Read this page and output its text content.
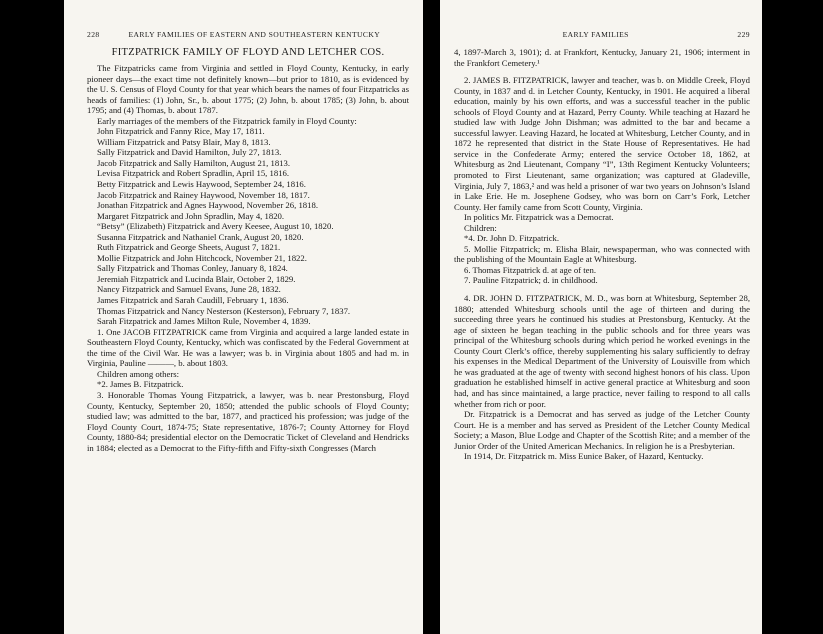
228	EARLY FAMILIES OF EASTERN AND SOUTHEASTERN KENTUCKY
FITZPATRICK FAMILY OF FLOYD AND LETCHER COS.

The Fitzpatricks came from Virginia and settled in Floyd County, Kentucky, in early pioneer days—the exact time not definitely known—but prior to 1810, as is evidenced by the U. S. Census of Floyd County for that year which bears the names of four Fitzpatricks as heads of families: (1) John, Sr., b. about 1775; (2) John, b. about 1785; (3) John, b. about 1795; and (4) Thomas, b. about 1787.

Early marriages of the members of the Fitzpatrick family in Floyd County:

John Fitzpatrick and Fanny Rice, May 17, 1811.

William Fitzpatrick and Patsy Blair, May 8, 1813.

Sally Fitzpatrick and David Hamilton, July 27, 1813.

Jacob Fitzpatrick and Sally Hamilton, August 21, 1813.

Levisa Fitzpatrick and Robert Spradlin, April 15, 1816.

Betty Fitzpatrick and Lewis Haywood, September 24, 1816.

Jacob Fitzpatrick and Rainey Haywood, November 18, 1817.

Jonathan Fitzpatrick and Agnes Haywood, November 26, 1818.

Margaret Fitzpatrick and John Spradlin, May 4, 1820.

“Betsy” (Elizabeth) Fitzpatrick and Avery Keesee, August 10, 1820.

Susanna Fitzpatrick and Nathaniel Crank, August 20, 1820.

Ruth Fitzpatrick and George Sheets, August 7, 1821.

Mollie Fitzpatrick and John Hitchcock, November 21, 1822.

Sally Fitzpatrick and Thomas Conley, January 8, 1824.

Jeremiah Fitzpatrick and Lucinda Blair, October 2, 1829.

Nancy Fitzpatrick and Samuel Evans, June 28, 1832.

James Fitzpatrick and Sarah Caudill, February 1, 1836.

Thomas Fitzpatrick and Nancy Nesterson (Kesterson), February 7, 1837.

Sarah Fitzpatrick and James Milton Rule, November 4, 1839.

1. One JACOB FITZPATRICK came from Virginia and acquired a large landed estate in Southeastern Floyd County, Kentucky, which was confiscated by the Federal Government at the time of the Civil War. He was a lawyer; was b. in Virginia about 1805 and had m. in Virginia, Pauline ———, b. about 1803.

Children among others:

*2. James B. Fitzpatrick.

3. Honorable Thomas Young Fitzpatrick, a lawyer, was b. near Prestonsburg, Floyd County, Kentucky, September 20, 1850; attended the public schools of Floyd County; studied law; was admitted to the bar, 1877, and practiced his profession; was judge of the Floyd County Court, 1874-75; State representative, 1876-7; County Attorney for Floyd County, 1880-84; presidential elector on the Democratic Ticket of Cleveland and Hendricks in 1884; elected as a Democrat to the Fifty-fifth and Fifty-sixth Congresses (March

EARLY FAMILIES	229

4, 1897-March 3, 1901); d. at Frankfort, Kentucky, January 21, 1906; interment in the Frankfort Cemetery.¹

2. JAMES B. FITZPATRICK, lawyer and teacher, was b. on Middle Creek, Floyd County, in 1837 and d. in Letcher County, Kentucky, in 1901. He acquired a liberal education, mainly by his own efforts, and was a successful teacher in the public schools of Floyd County and at Hazard, Perry County. While teaching at Hazard he studied law with Judge John Dishman; was admitted to the bar and became a successful lawyer. Leaving Hazard, he located at Whitesburg, Letcher County, and in 1872 he represented that district in the State House of Representatives. He had service in the Confederate Army; entered the service October 18, 1862, at Whitesburg as 2nd Lieutenant, Company “I”, 13th Regiment Kentucky Volunteers; promoted to First Lieutenant, same organization; was captured at Gladeville, Virginia, July 7, 1863,² and was held a prisoner of war two years on Johnson’s Island in Lake Erie. He m. Josephene Godsey, who was born on Carr’s Fork, Letcher County. Her family came from Scott County, Virginia.

In politics Mr. Fitzpatrick was a Democrat.

Children:

*4. Dr. John D. Fitzpatrick.

5. Mollie Fitzpatrick; m. Elisha Blair, newspaperman, who was connected with the publishing of the Mountain Eagle at Whitesburg.

6. Thomas Fitzpatrick d. at age of ten.

7. Pauline Fitzpatrick; d. in childhood.

4. DR. JOHN D. FITZPATRICK, M. D., was born at Whitesburg, September 28, 1880; attended Whitesburg schools until the age of thirteen and during the succeeding three years he continued his studies at Prestonsburg, Kentucky. At the age of sixteen he began teaching in the public schools and for three years was principal of the Whitesburg schools during which period he worked evenings in the County Court Clerk’s office, thereby supplementing his salary sufficiently to defray his expenses in the Medical Department of the University of Louisville from which he was graduated at the age of twenty with second highest honors of his class. Upon graduation he established himself in active general practice at Whitesburg and soon had, and has since maintained, a large practice, never failing to respond to all calls whether from rich or poor.

Dr. Fitzpatrick is a Democrat and has served as judge of the Letcher County Court. He is a member and has served as President of the Letcher County Medical Society; a Mason, Blue Lodge and Chapter of the Scottish Rite; and a member of the Junior Order of the United American Mechanics. In religion he is a Presbyterian.

In 1914, Dr. Fitzpatrick m. Miss Eunice Baker, of Hazard, Kentucky.
